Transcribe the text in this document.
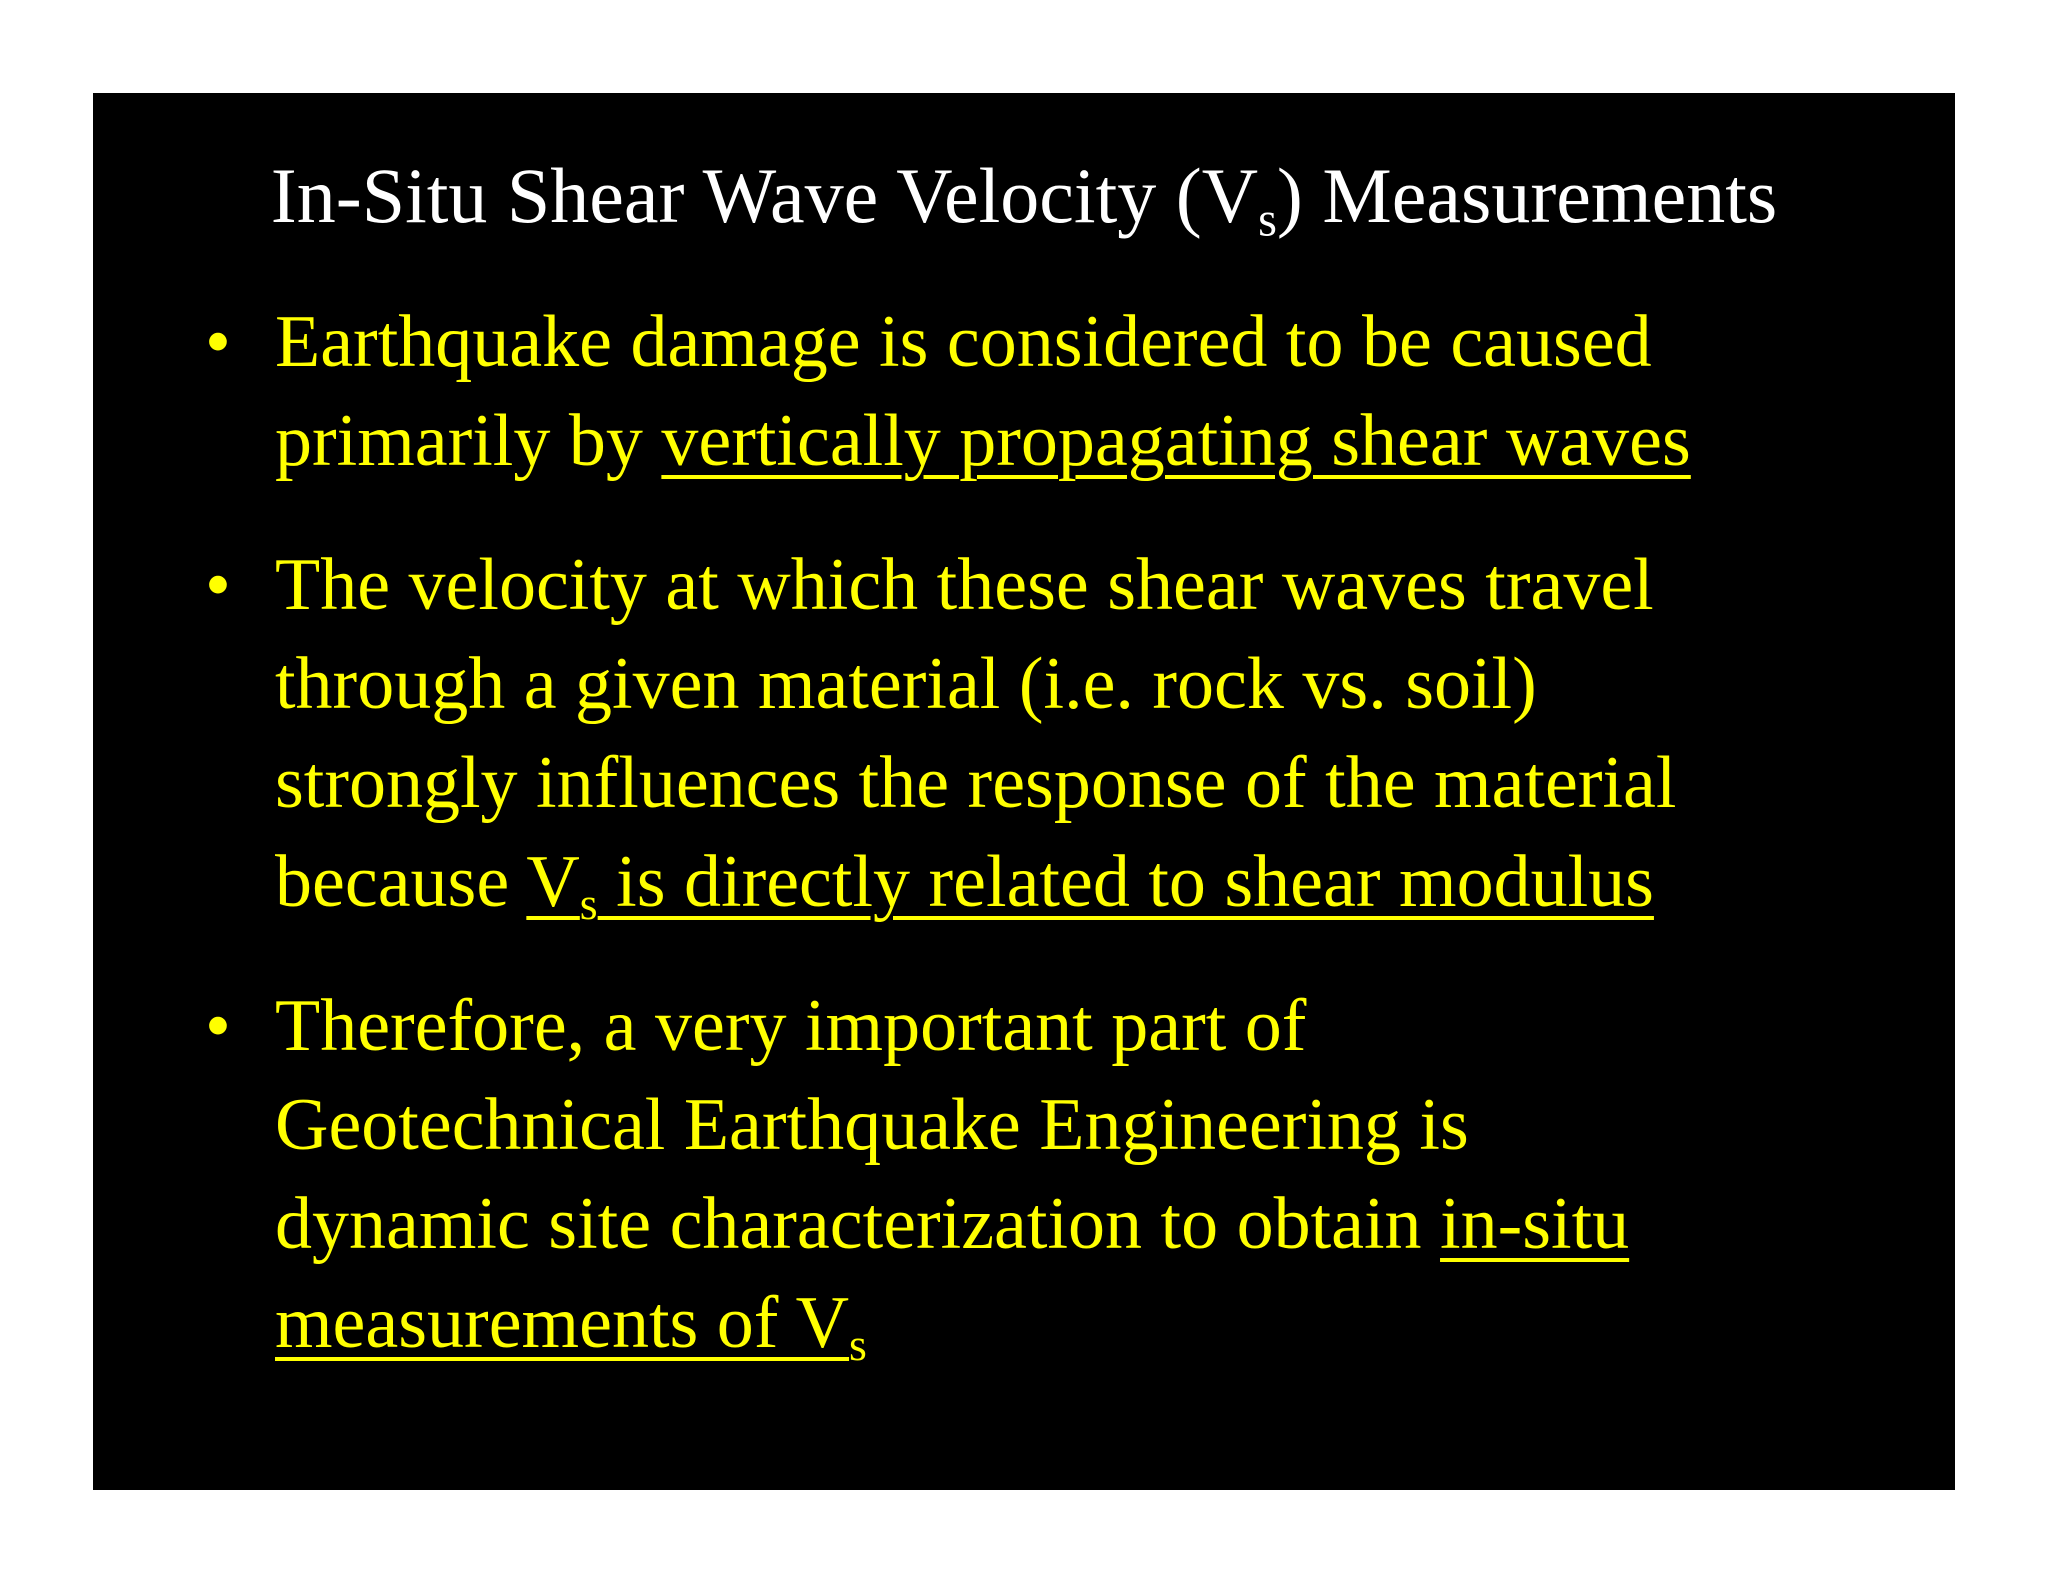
In-Situ Shear Wave Velocity $(V_s)$ Measurements
• Earthquake damage is considered to be caused
primarily by vertically propagating shear waves
• The velocity at which these shear waves travel
through a given material (i.e. rock vs. soil)
strongly influences the response of the material
because $V_s$ is directly related to shear modulus
• Therefore, a very important part of
Geotechnical Earthquake Engineering is
dynamic site characterization to obtain in-situ
measurements of $V_s$
